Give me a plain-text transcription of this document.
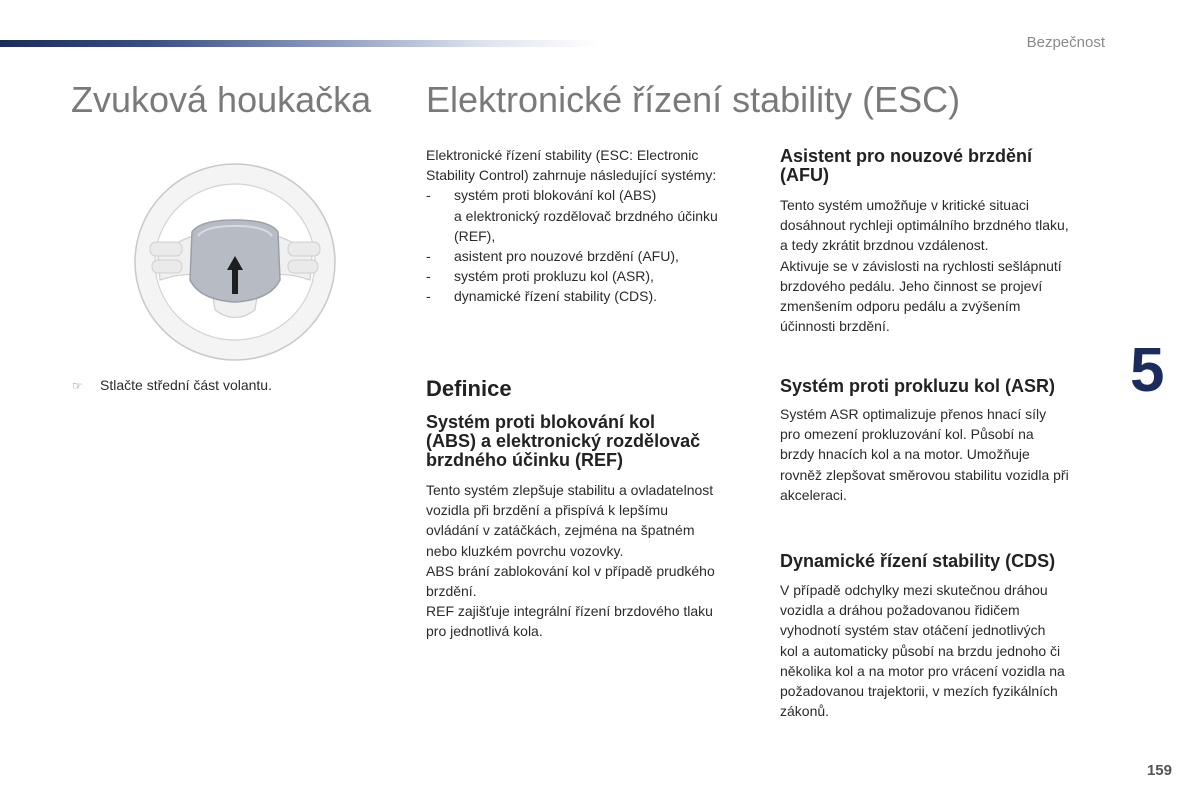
Bezpečnost
5
159
Zvuková houkačka Elektronické řízení stability (ESC)
☞ Stlačte střední část volantu.

Elektronické řízení stability (ESC: Electronic

Stability Control) zahrnuje následující systémy:

- systém proti blokování kol (ABS)
a elektronický rozdělovač brzdného účinku
(REF),
- asistent pro nouzové brzdění (AFU),
- systém proti prokluzu kol (ASR),
- dynamické řízení stability (CDS).
Definice
Systém proti blokování kol
(ABS) a elektronický rozdělovač
brzdného účinku (REF)

Tento systém zlepšuje stabilitu a ovladatelnost

vozidla při brzdění a přispívá k lepšímu

ovládání v zatáčkách, zejména na špatném

nebo kluzkém povrchu vozovky.

ABS brání zablokování kol v případě prudkého

brzdění.

REF zajišťuje integrální řízení brzdového tlaku

pro jednotlivá kola.

Asistent pro nouzové brzdění
(AFU)

Tento systém umožňuje v kritické situaci

dosáhnout rychleji optimálního brzdného tlaku,

a tedy zkrátit brzdnou vzdálenost.

Aktivuje se v závislosti na rychlosti sešlápnutí

brzdového pedálu. Jeho činnost se projeví

zmenšením odporu pedálu a zvýšením

účinnosti brzdění.

Systém proti prokluzu kol (ASR)

Systém ASR optimalizuje přenos hnací síly

pro omezení prokluzování kol. Působí na

brzdy hnacích kol a na motor. Umožňuje

rovněž zlepšovat směrovou stabilitu vozidla při

akceleraci.

Dynamické řízení stability (CDS)

V případě odchylky mezi skutečnou dráhou

vozidla a dráhou požadovanou řidičem

vyhodnotí systém stav otáčení jednotlivých

kol a automaticky působí na brzdu jednoho či

několika kol a na motor pro vrácení vozidla na

požadovanou trajektorii, v mezích fyzikálních

zákonů.
